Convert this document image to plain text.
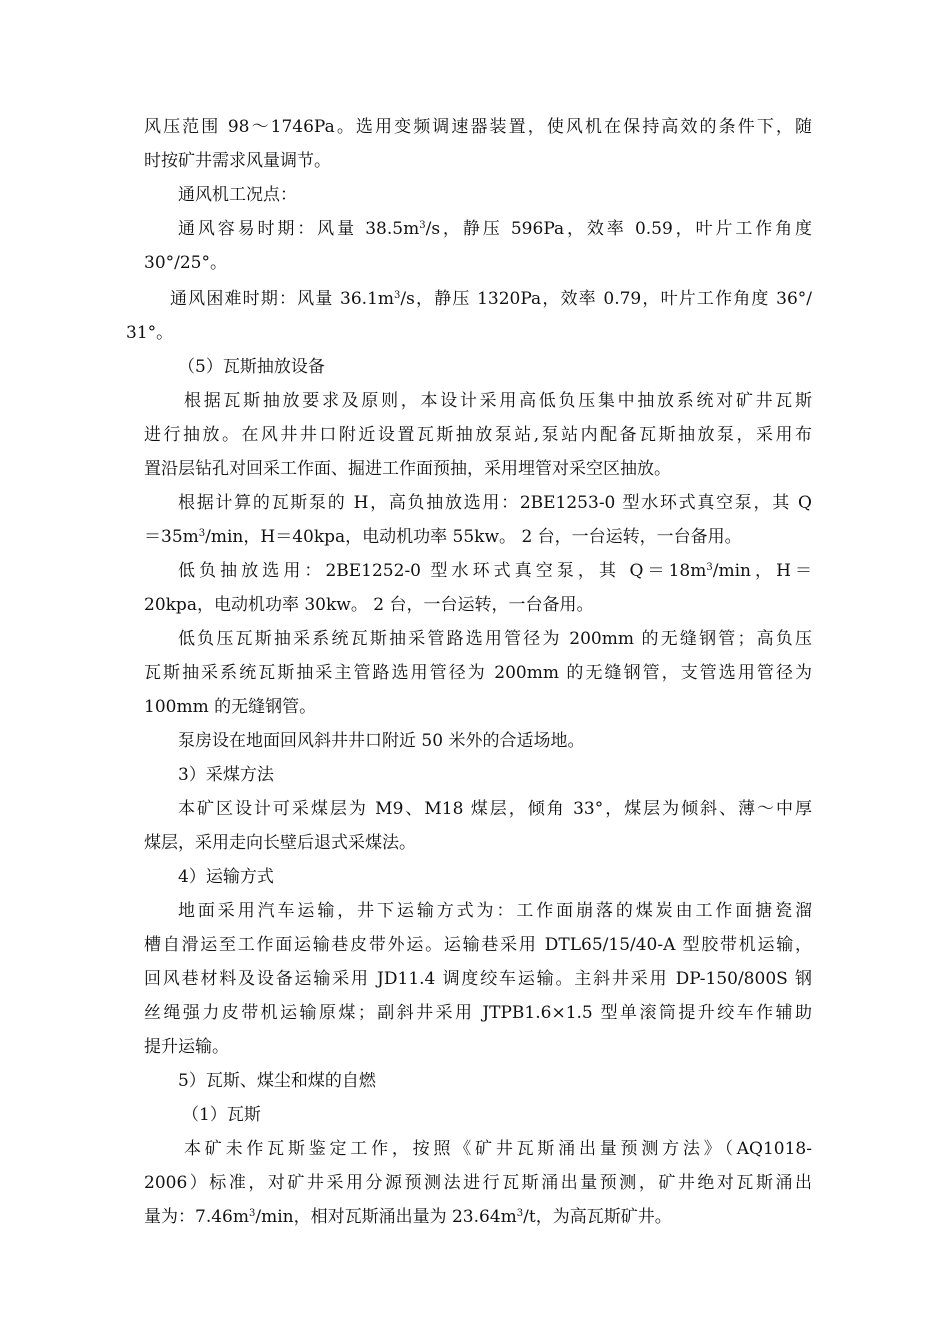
风压范围 98～1746Pa。选用变频调速器装置，使风机在保持高效的条件下，随
时按矿井需求风量调节。
通风机工况点：
通风容易时期：风量 $38.5m^3/s$，静压 596Pa，效率 0.59，叶片工作角度
30°/25°。
通风困难时期：风量 $36.1m^3/s$，静压 1320Pa，效率 0.79，叶片工作角度 36°/
31°。
（5）瓦斯抽放设备
根据瓦斯抽放要求及原则，本设计采用高低负压集中抽放系统对矿井瓦斯
进行抽放。在风井井口附近设置瓦斯抽放泵站,泵站内配备瓦斯抽放泵，采用布
置沿层钻孔对回采工作面、掘进工作面预抽，采用埋管对采空区抽放。
根据计算的瓦斯泵的 H，高负抽放选用：2BE1253-0 型水环式真空泵，其 Q
$=35m^3/\min$，H＝40kpa，电动机功率 55kw。 2 台，一台运转，一台备用。
低负抽放选用：2BE1252-0 型水环式真空泵，其 $Q=18m^3/\min$，H＝
20kpa，电动机功率 30kw。 2 台，一台运转，一台备用。
低负压瓦斯抽采系统瓦斯抽采管路选用管径为 200mm 的无缝钢管；高负压
瓦斯抽采系统瓦斯抽采主管路选用管径为 200mm 的无缝钢管，支管选用管径为
100mm 的无缝钢管。
泵房设在地面回风斜井井口附近 50 米外的合适场地。
3）采煤方法
本矿区设计可采煤层为 M9、M18 煤层，倾角 33°，煤层为倾斜、薄～中厚
煤层，采用走向长壁后退式采煤法。
4）运输方式
地面采用汽车运输，井下运输方式为：工作面崩落的煤炭由工作面搪瓷溜
槽自滑运至工作面运输巷皮带外运。运输巷采用 DTL65/15/40-A 型胶带机运输，
回风巷材料及设备运输采用 JD11.4 调度绞车运输。主斜井采用 DP-150/800S 钢
丝绳强力皮带机运输原煤；副斜井采用 JTPB1.6×1.5 型单滚筒提升绞车作辅助
提升运输。
5）瓦斯、煤尘和煤的自燃
（1）瓦斯
本矿未作瓦斯鉴定工作，按照《矿井瓦斯涌出量预测方法》（AQ1018-
2006）标准，对矿井采用分源预测法进行瓦斯涌出量预测，矿井绝对瓦斯涌出
量为：$7.46m^3/\min$，相对瓦斯涌出量为 $23.64m^3/t$，为高瓦斯矿井。
